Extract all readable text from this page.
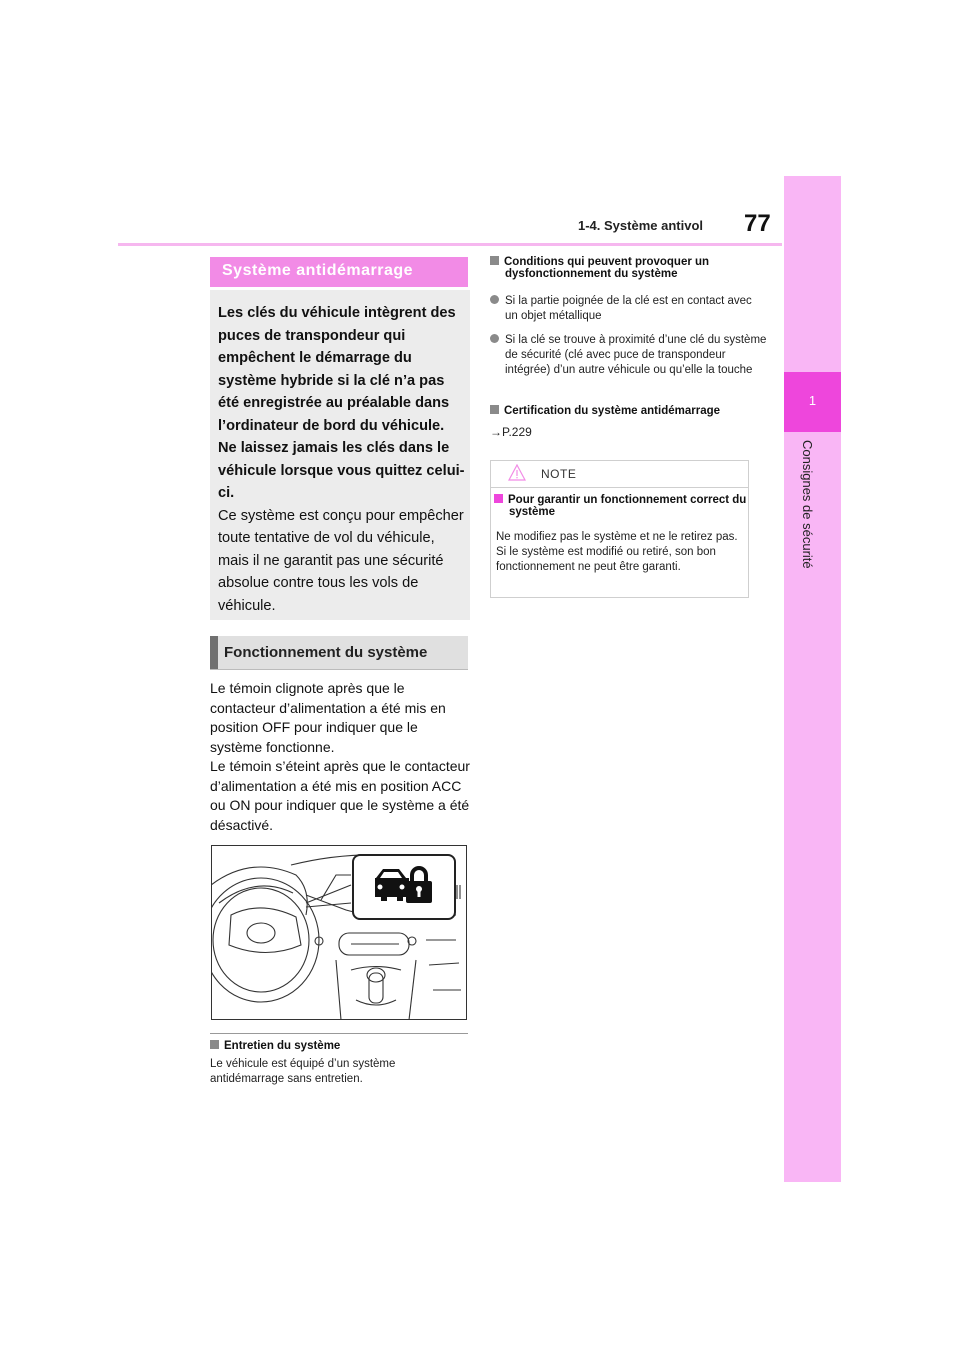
1-4. Système antivol 77
1
Consignes de sécurité
Système antidémarrage

Les clés du véhicule intègrent des puces de transpondeur qui empêchent le démarrage du système hybride si la clé n’a pas été enregistrée au préalable dans l’ordinateur de bord du véhicule.

Ne laissez jamais les clés dans le véhicule lorsque vous quittez celui-ci.

Ce système est conçu pour empêcher toute tentative de vol du véhicule, mais il ne garantit pas une sécurité absolue contre tous les vols de véhicule.

Fonctionnement du système

Le témoin clignote après que le contacteur d’alimentation a été mis en position OFF pour indiquer que le système fonctionne.

Le témoin s’éteint après que le contacteur d’alimentation a été mis en position ACC ou ON pour indiquer que le système a été désactivé.

Entretien du système
Le véhicule est équipé d’un système antidémarrage sans entretien.
Conditions qui peuvent provoquer un dysfonctionnement du système
Si la partie poignée de la clé est en contact avec un objet métallique
Si la clé se trouve à proximité d’une clé du système de sécurité (clé avec puce de transpondeur intégrée) d’un autre véhicule ou qu’elle la touche
Certification du système antidémarrage
→P.229
NOTE
Pour garantir un fonctionnement correct du système
Ne modifiez pas le système et ne le retirez pas. Si le système est modifié ou retiré, son bon fonctionnement ne peut être garanti.
